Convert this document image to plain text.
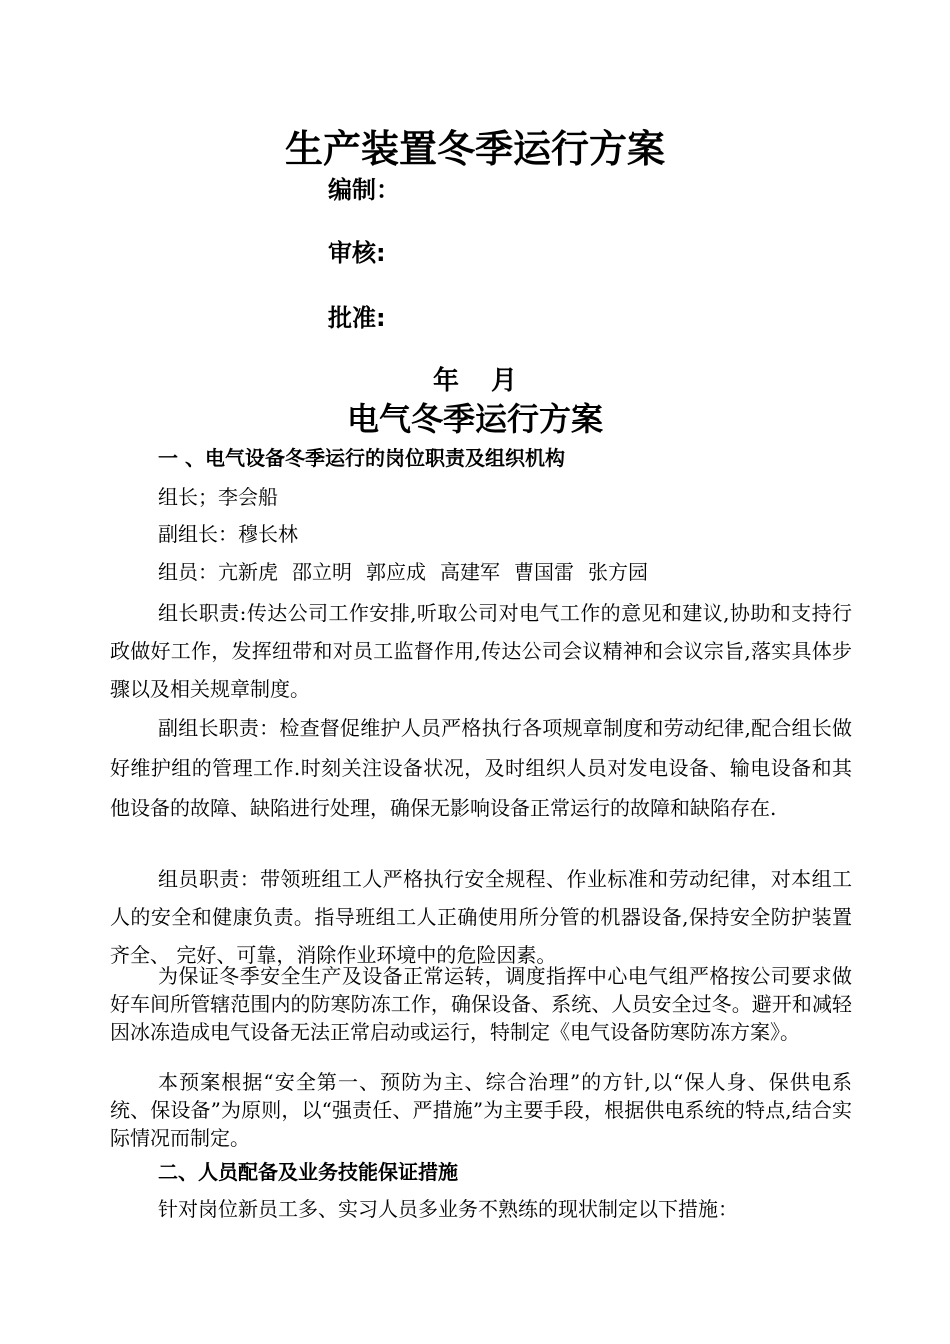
生产装置冬季运行方案
编制：
审核:
批准:
年 月
电气冬季运行方案
一 、电气设备冬季运行的岗位职责及组织机构
组长；李会船
副组长：穆长林
组员：亢新虎 邵立明 郭应成 高建军 曹国雷 张方园

组长职责:传达公司工作安排,听取公司对电气工作的意见和建议,协助和支持行政做好工作，发挥纽带和对员工监督作用,传达公司会议精神和会议宗旨,落实具体步骤以及相关规章制度。

副组长职责：检查督促维护人员严格执行各项规章制度和劳动纪律,配合组长做好维护组的管理工作.时刻关注设备状况，及时组织人员对发电设备、输电设备和其他设备的故障、缺陷进行处理，确保无影响设备正常运行的故障和缺陷存在.

组员职责：带领班组工人严格执行安全规程、作业标准和劳动纪律，对本组工人的安全和健康负责。指导班组工人正确使用所分管的机器设备,保持安全防护装置齐全、 完好、可靠，消除作业环境中的危险因素。

为保证冬季安全生产及设备正常运转，调度指挥中心电气组严格按公司要求做好车间所管辖范围内的防寒防冻工作，确保设备、系统、人员安全过冬。避开和减轻因冰冻造成电气设备无法正常启动或运行，特制定《电气设备防寒防冻方案》。

本预案根据“安全第一、预防为主、综合治理”的方针,以“保人身、保供电系统、保设备”为原则，以“强责任、严措施”为主要手段，根据供电系统的特点,结合实际情况而制定。

二、人员配备及业务技能保证措施
针对岗位新员工多、实习人员多业务不熟练的现状制定以下措施：
